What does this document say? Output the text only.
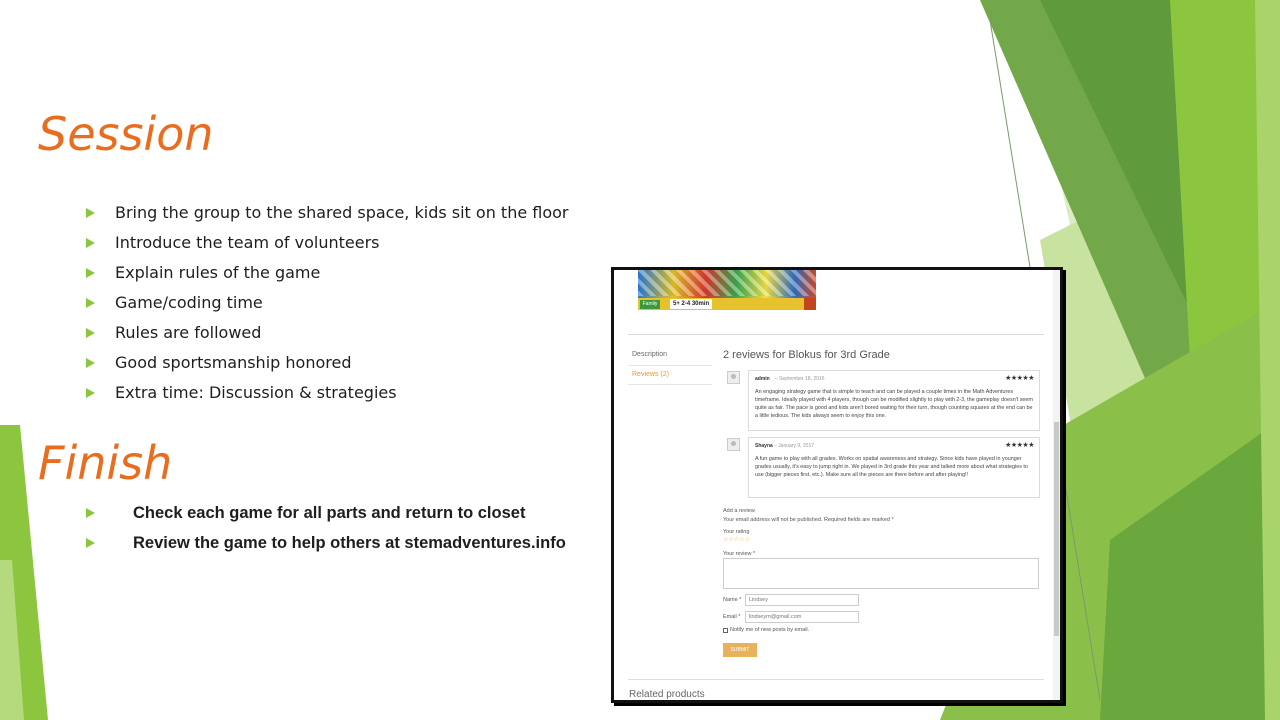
Session
Bring the group to the shared space, kids sit on the floor
Introduce the team of volunteers
Explain rules of the game
Game/coding time
Rules are followed
Good sportsmanship honored
Extra time: Discussion & strategies
Finish
Check each game for all parts and return to closet
Review the game to help others at stemadventures.info
Family	5+ 2-4 30min
Description
Reviews (2)
2 reviews for Blokus for 3rd Grade
admin – September 18, 2016	★★★★★

An engaging strategy game that is simple to teach and can be played a couple times in the Math Adventures timeframe. Ideally played with 4 players, though can be modified slightly to play with 2-3, the gameplay doesn't seem quite as fair. The pace is good and kids aren't bored waiting for their turn, though counting squares at the end can be a little tedious. The kids always seem to enjoy this one.

Shayna – January 9, 2017	★★★★★

A fun game to play with all grades. Works on spatial awareness and strategy. Since kids have played in younger grades usually, it's easy to jump right in. We played in 3rd grade this year and talked more about what strategies to use (bigger pieces first, etc.). Make sure all the pieces are there before and after playing!!

Add a review
Your email address will not be published. Required fields are marked *
Your rating
☆☆☆☆☆
Your review *
Name *	Lindsey
Email *	lindseym@gmail.com
Notify me of new posts by email.
SUBMIT
Related products
